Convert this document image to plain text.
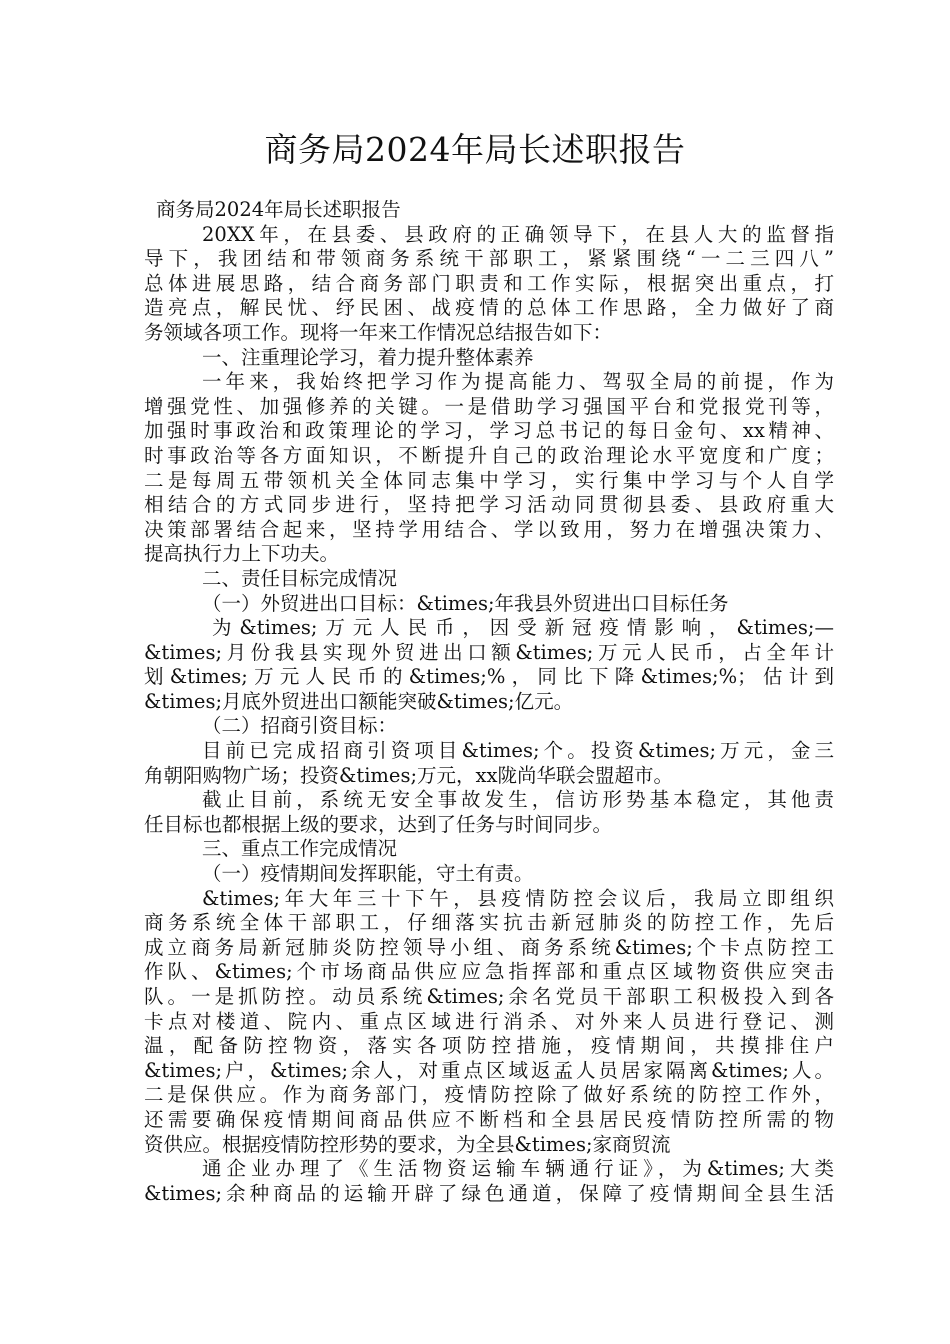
商务局2024年局长述职报告
商务局2024年局长述职报告
20XX年，在县委、县政府的正确领导下，在县人大的监督指
导下，我团结和带领商务系统干部职工，紧紧围绕“一二三四八”
总体进展思路，结合商务部门职责和工作实际，根据突出重点，打
造亮点，解民忧、纾民困、战疫情的总体工作思路，全力做好了商
务领域各项工作。现将一年来工作情况总结报告如下：
一、注重理论学习，着力提升整体素养
一年来，我始终把学习作为提高能力、驾驭全局的前提，作为
增强党性、加强修养的关键。一是借助学习强国平台和党报党刊等，
加强时事政治和政策理论的学习，学习总书记的每日金句、xx精神、
时事政治等各方面知识，不断提升自己的政治理论水平宽度和广度；
二是每周五带领机关全体同志集中学习，实行集中学习与个人自学
相结合的方式同步进行，坚持把学习活动同贯彻县委、县政府重大
决策部署结合起来，坚持学用结合、学以致用，努力在增强决策力、
提高执行力上下功夫。
二、责任目标完成情况
（一）外贸进出口目标：&times;年我县外贸进出口目标任务
为&times;万元人民币，因受新冠疫情影响，&times;—
&times;月份我县实现外贸进出口额&times;万元人民币，占全年计
划&times;万元人民币的&times;%，同比下降&times;%；估计到
&times;月底外贸进出口额能突破&times;亿元。
（二）招商引资目标：
目前已完成招商引资项目&times;个。投资&times;万元，金三
角朝阳购物广场；投资&times;万元，xx陇尚华联会盟超市。
截止目前，系统无安全事故发生，信访形势基本稳定，其他责
任目标也都根据上级的要求，达到了任务与时间同步。
三、重点工作完成情况
（一）疫情期间发挥职能，守土有责。
&times;年大年三十下午，县疫情防控会议后，我局立即组织
商务系统全体干部职工，仔细落实抗击新冠肺炎的防控工作，先后
成立商务局新冠肺炎防控领导小组、商务系统&times;个卡点防控工
作队、&times;个市场商品供应应急指挥部和重点区域物资供应突击
队。一是抓防控。动员系统&times;余名党员干部职工积极投入到各
卡点对楼道、院内、重点区域进行消杀、对外来人员进行登记、测
温，配备防控物资，落实各项防控措施，疫情期间，共摸排住户
&times;户，&times;余人，对重点区域返孟人员居家隔离&times;人。
二是保供应。作为商务部门，疫情防控除了做好系统的防控工作外，
还需要确保疫情期间商品供应不断档和全县居民疫情防控所需的物
资供应。根据疫情防控形势的要求，为全县&times;家商贸流
通企业办理了《生活物资运输车辆通行证》，为&times;大类
&times;余种商品的运输开辟了绿色通道，保障了疫情期间全县生活
